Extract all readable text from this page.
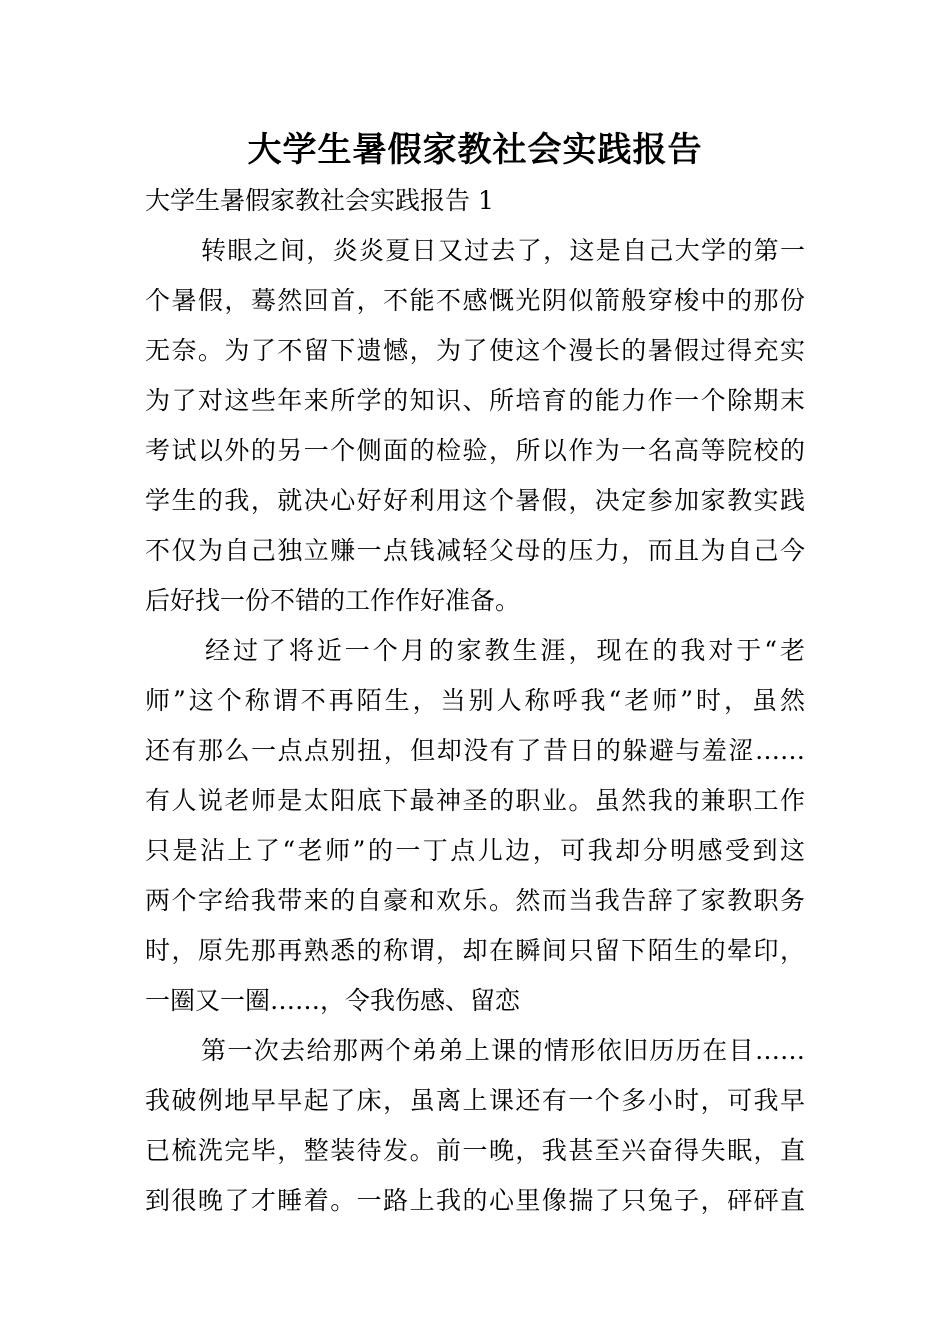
大学生暑假家教社会实践报告

大学生暑假家教社会实践报告 1

转眼之间，炎炎夏日又过去了，这是自己大学的第一

个暑假，蓦然回首，不能不感慨光阴似箭般穿梭中的那份

无奈。为了不留下遗憾，为了使这个漫长的暑假过得充实

为了对这些年来所学的知识、所培育的能力作一个除期末

考试以外的另一个侧面的检验，所以作为一名高等院校的

学生的我，就决心好好利用这个暑假，决定参加家教实践

不仅为自己独立赚一点钱减轻父母的压力，而且为自己今

后好找一份不错的工作作好准备。

经过了将近一个月的家教生涯，现在的我对于“老

师”这个称谓不再陌生，当别人称呼我“老师”时，虽然

还有那么一点点别扭，但却没有了昔日的躲避与羞涩……

有人说老师是太阳底下最神圣的职业。虽然我的兼职工作

只是沾上了“老师”的一丁点儿边，可我却分明感受到这

两个字给我带来的自豪和欢乐。然而当我告辞了家教职务

时，原先那再熟悉的称谓，却在瞬间只留下陌生的晕印，

一圈又一圈……，令我伤感、留恋

第一次去给那两个弟弟上课的情形依旧历历在目……

我破例地早早起了床，虽离上课还有一个多小时，可我早

已梳洗完毕，整装待发。前一晚，我甚至兴奋得失眠，直

到很晚了才睡着。一路上我的心里像揣了只兔子，砰砰直
